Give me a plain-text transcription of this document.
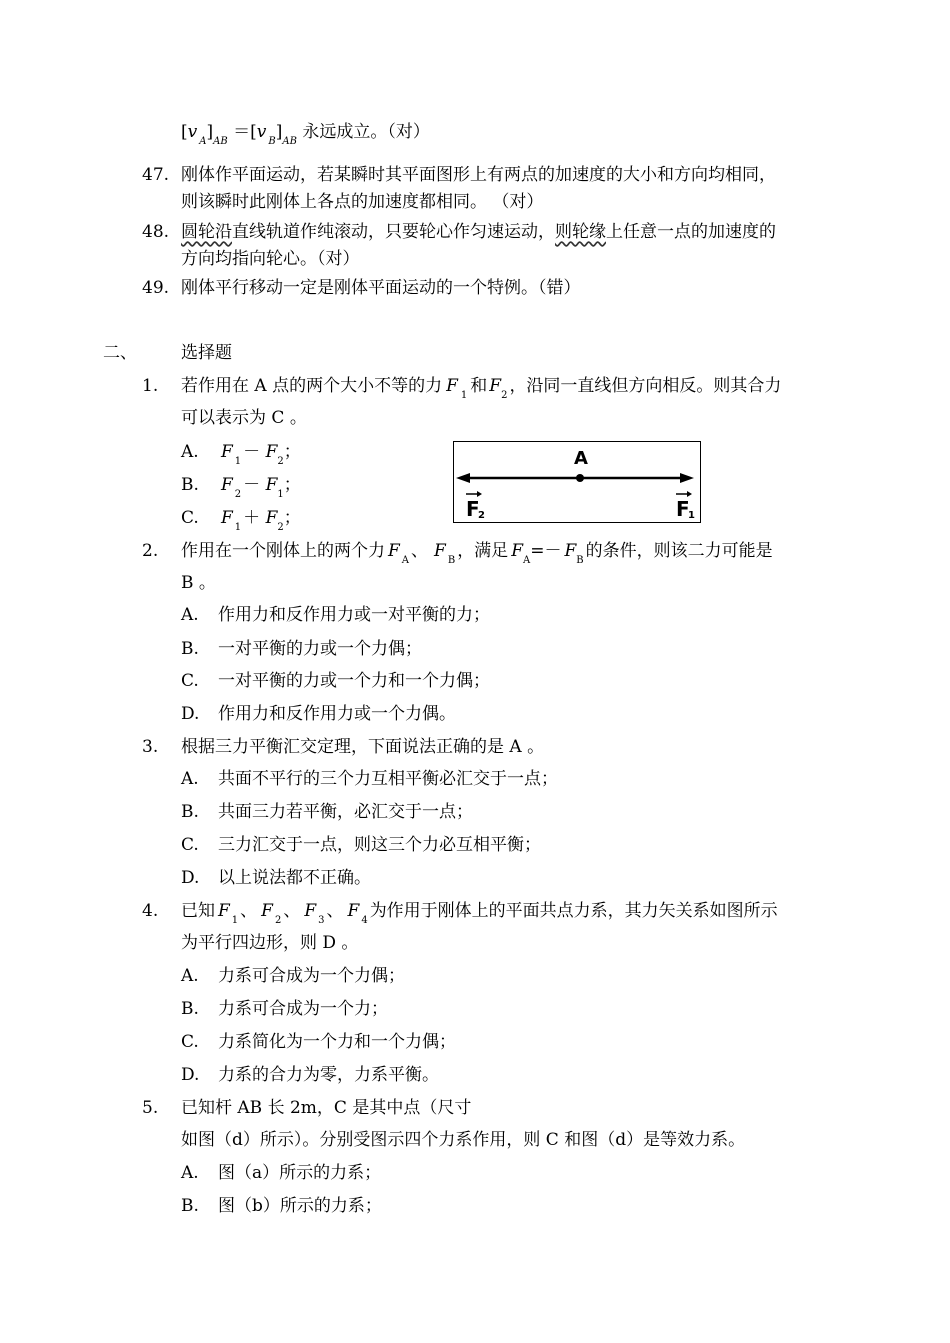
[v $_A]_{AB} =[v$ $_B]_{AB}$ 永远成立。（对）
47. 刚体作平面运动，若某瞬时其平面图形上有两点的加速度的大小和方向均相同，
则该瞬时此刚体上各点的加速度都相同。 （对）
48. 圆轮沿直线轨道作纯滚动，只要轮心作匀速运动，则轮缘上任意一点的加速度的
方向均指向轮心。（对）
49. 刚体平行移动一定是刚体平面运动的一个特例。（错）
二、	选择题
1. 若作用在 A 点的两个大小不等的力 F $_1$ 和 $F_2$ ，沿同一直线但方向相反。则其合力
可以表示为 C 。
A. F $_1 - F_2$；
B. F $_2 - F_1$；
C. F $_1 + F_2$；
A
F
2	F
1
2. 作用在一个刚体上的两个力 F $_A$ 、 F $_B$ ，满足 $F_A=- F_B$ 的条件，则该二力可能是
B 。
A. 作用力和反作用力或一对平衡的力；
B. 一对平衡的力或一个力偶；
C. 一对平衡的力或一个力和一个力偶；
D. 作用力和反作用力或一个力偶。
3. 根据三力平衡汇交定理，下面说法正确的是 A 。
A. 共面不平行的三个力互相平衡必汇交于一点；
B. 共面三力若平衡，必汇交于一点；
C. 三力汇交于一点，则这三个力必互相平衡；
D. 以上说法都不正确。
4. 已知 F $_1$ 、 F $_2$ 、 F $_3$ 、 F $_4$ 为作用于刚体上的平面共点力系，其力矢关系如图所示
为平行四边形，则 D 。
A. 力系可合成为一个力偶；
B. 力系可合成为一个力；
C. 力系简化为一个力和一个力偶；
D. 力系的合力为零，力系平衡。
5. 已知杆 AB 长 2m，C 是其中点（尺寸
如图（d）所示）。分别受图示四个力系作用，则 C 和图（d）是等效力系。
A. 图（a）所示的力系；
B. 图（b）所示的力系；
